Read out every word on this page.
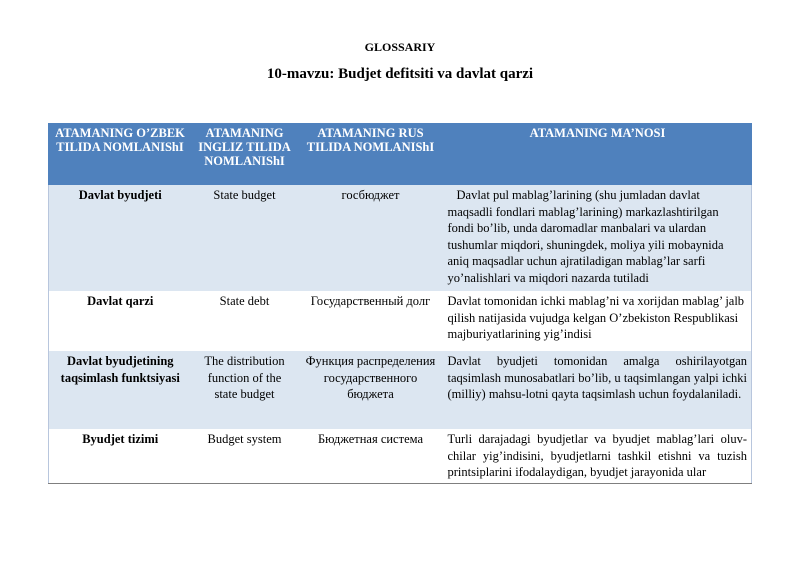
GLOSSARIY
10-mavzu: Budjet defitsiti va davlat qarzi
ATAMANING O’ZBEK TILIDA NOMLANIShI	ATAMANING INGLIZ TILIDA NOMLANIShI	ATAMANING RUS TILIDA NOMLANIShI	ATAMANING MA’NOSI
Davlat byudjeti	State budget	госбюджет	Davlat pul mablag’larining (shu jumladan davlat maqsadli fondlari mablag’larining) markazlashtirilgan fondi bo’lib, unda daromadlar manbalari va ulardan tushumlar miqdori, shuningdek, moliya yili mobaynida aniq maqsadlar uchun ajratiladigan mablag’lar sarfi yo’nalishlari va miqdori nazarda tutiladi
Davlat qarzi	State debt	Государственный долг	Davlat tomonidan ichki mablag’ni va xorijdan mablag’ jalb qilish natijasida vujudga kelgan O’zbekiston Respublikasi majburiyatlarining yig’indisi
Davlat byudjetining taqsimlash funktsiyasi	The distribution function of the state budget	Функция распределения государственного бюджета	Davlat byudjeti tomonidan amalga oshirilayotgan taqsimlash munosabatlari bo’lib, u taqsimlangan yalpi ichki (milliy) mahsu-lotni qayta taqsimlash uchun foydalaniladi.
Byudjet tizimi	Budget system	Бюджетная система	Turli darajadagi byudjetlar va byudjet mablag’lari oluv-chilar yig’indisini, byudjetlarni tashkil etishni va tuzish printsiplarini ifodalaydigan, byudjet jarayonida ular
